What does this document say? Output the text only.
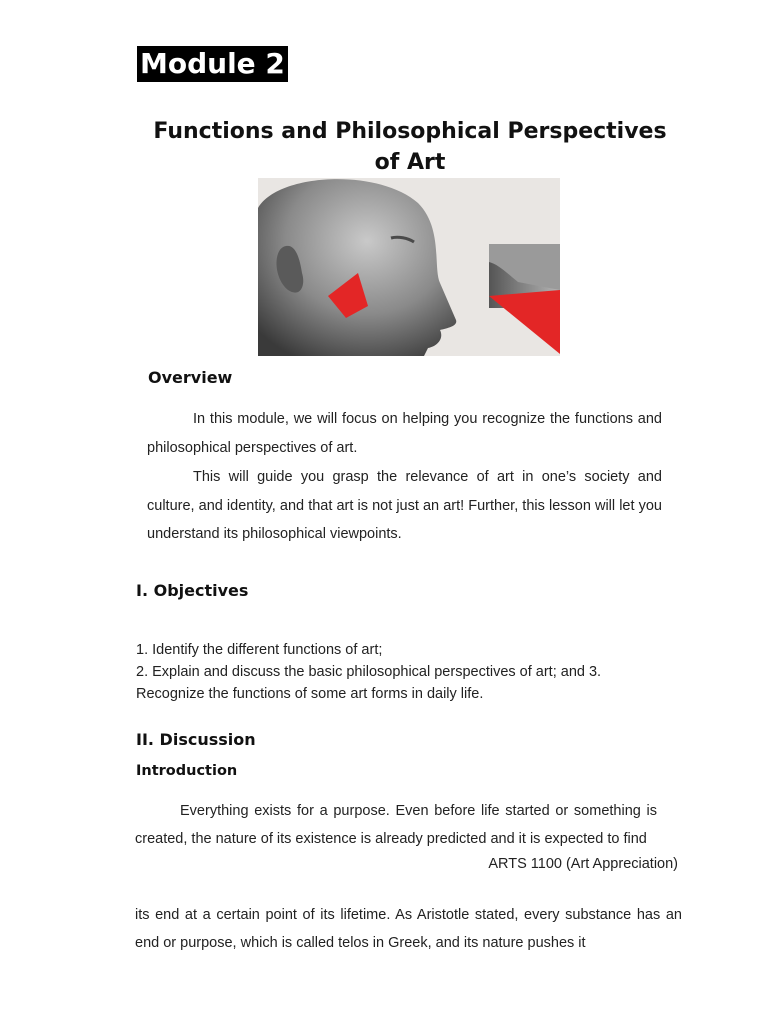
Module 2
Functions and Philosophical Perspectives
of Art
Overview
In this module, we will focus on helping you recognize the functions and philosophical perspectives of art.
This will guide you grasp the relevance of art in one’s society and culture, and identity, and that art is not just an art! Further, this lesson will let you understand its philosophical viewpoints.
I. Objectives
1. Identify the different functions of art;
2. Explain and discuss the basic philosophical perspectives of art; and 3.
Recognize the functions of some art forms in daily life.
II. Discussion
Introduction
Everything exists for a purpose. Even before life started or something is created, the nature of its existence is already predicted and it is expected to find
ARTS 1100 (Art Appreciation)
its end at a certain point of its lifetime. As Aristotle stated, every substance has an end or purpose, which is called telos in Greek, and its nature pushes it
